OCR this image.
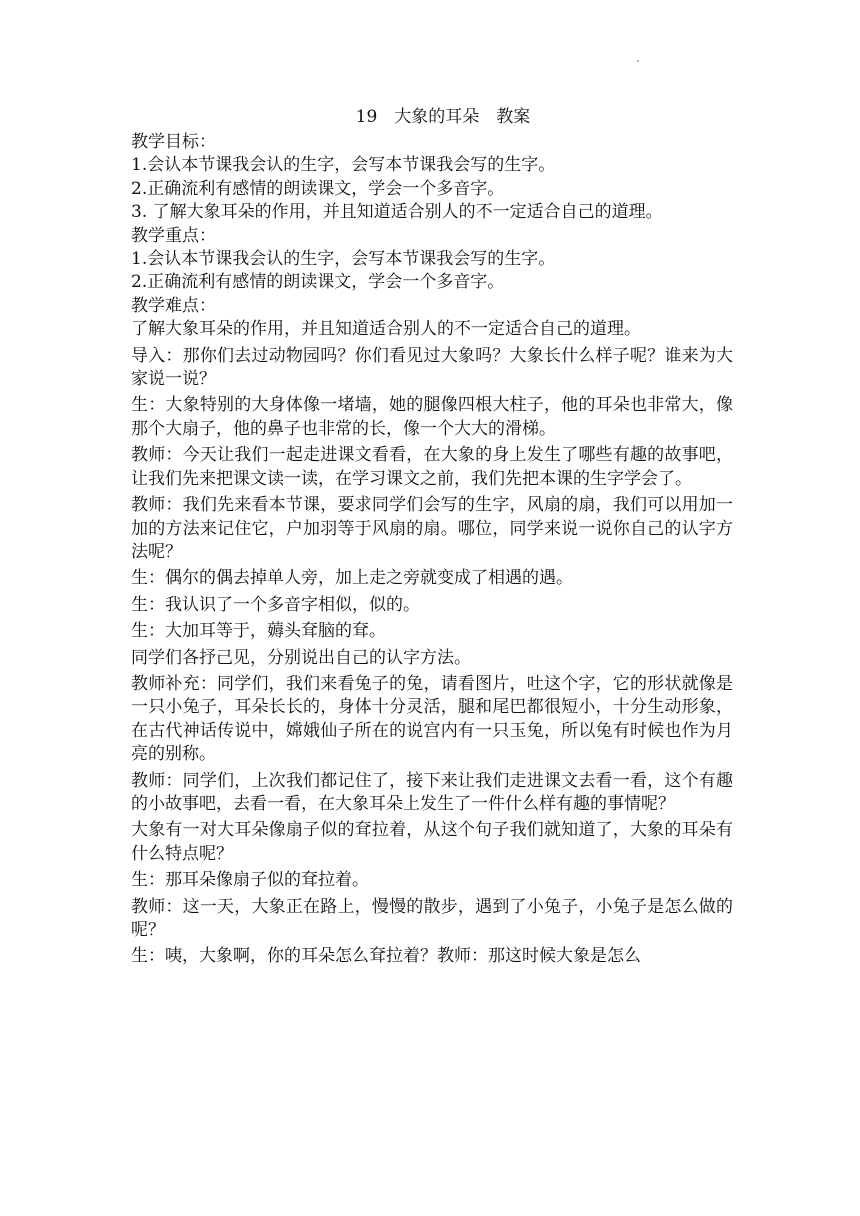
19　大象的耳朵　教案
教学目标：
1.会认本节课我会认的生字，会写本节课我会写的生字。
2.正确流利有感情的朗读课文，学会一个多音字。
3. 了解大象耳朵的作用，并且知道适合别人的不一定适合自己的道理。
教学重点：
1.会认本节课我会认的生字，会写本节课我会写的生字。
2.正确流利有感情的朗读课文，学会一个多音字。
教学难点：
了解大象耳朵的作用，并且知道适合别人的不一定适合自己的道理。
导入：那你们去过动物园吗？你们看见过大象吗？大象长什么样子呢？谁来为大家说一说？
生：大象特别的大身体像一堵墙，她的腿像四根大柱子，他的耳朵也非常大，像那个大扇子，他的鼻子也非常的长，像一个大大的滑梯。
教师：今天让我们一起走进课文看看，在大象的身上发生了哪些有趣的故事吧，让我们先来把课文读一读，在学习课文之前，我们先把本课的生字学会了。
教师：我们先来看本节课，要求同学们会写的生字，风扇的扇，我们可以用加一加的方法来记住它，户加羽等于风扇的扇。哪位，同学来说一说你自己的认字方法呢？
生：偶尔的偶去掉单人旁，加上走之旁就变成了相遇的遇。
生：我认识了一个多音字相似，似的。
生：大加耳等于，薅头耷脑的耷。
同学们各抒己见，分别说出自己的认字方法。
教师补充：同学们，我们来看兔子的兔，请看图片，吐这个字，它的形状就像是一只小兔子，耳朵长长的，身体十分灵活，腿和尾巴都很短小，十分生动形象，在古代神话传说中，嫦娥仙子所在的说宫内有一只玉兔，所以兔有时候也作为月亮的别称。
教师：同学们，上次我们都记住了，接下来让我们走进课文去看一看，这个有趣的小故事吧，去看一看，在大象耳朵上发生了一件什么样有趣的事情呢？
大象有一对大耳朵像扇子似的耷拉着，从这个句子我们就知道了，大象的耳朵有什么特点呢？
生：那耳朵像扇子似的耷拉着。
教师：这一天，大象正在路上，慢慢的散步，遇到了小兔子，小兔子是怎么做的呢？
生：咦，大象啊，你的耳朵怎么耷拉着？教师：那这时候大象是怎么
